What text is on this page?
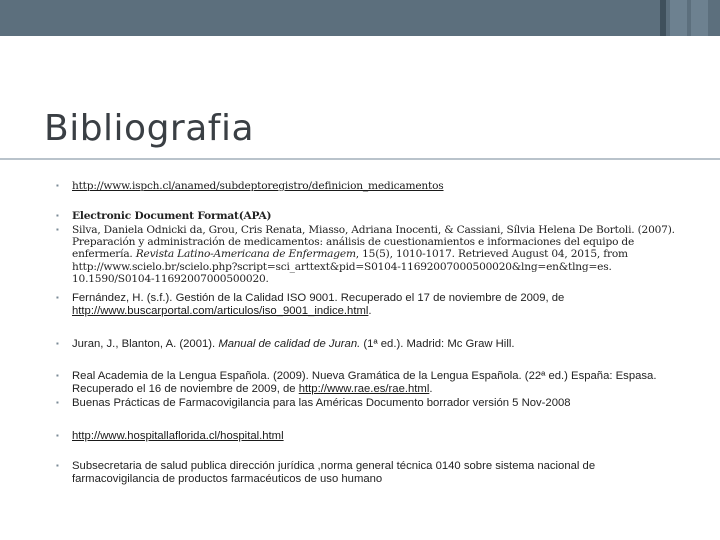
Bibliografia
▪	http://www.ispch.cl/anamed/subdeptoregistro/definicion_medicamentos
▪	Electronic Document Format(APA)
▪	Silva, Daniela Odnicki da, Grou, Cris Renata, Miasso, Adriana Inocenti, & Cassiani, Sílvia Helena De Bortoli. (2007). Preparación y administración de medicamentos: análisis de cuestionamientos e informaciones del equipo de enfermería. Revista Latino-Americana de Enfermagem, 15(5), 1010-1017. Retrieved August 04, 2015, from http://www.scielo.br/scielo.php?script=sci_arttext&pid=S0104-11692007000500020&lng=en&tlng=es. 10.1590/S0104-11692007000500020.
▪	Fernández, H. (s.f.). Gestión de la Calidad ISO 9001. Recuperado el 17 de noviembre de 2009, de http://www.buscarportal.com/articulos/iso_9001_indice.html.
▪	Juran, J., Blanton, A. (2001). Manual de calidad de Juran. (1ª ed.). Madrid: Mc Graw Hill.
▪	Real Academia de la Lengua Española. (2009). Nueva Gramática de la Lengua Española. (22ª ed.) España: Espasa. Recuperado el 16 de noviembre de 2009, de http://www.rae.es/rae.html.
▪	Buenas Prácticas de Farmacovigilancia para las Américas Documento borrador versión 5 Nov-2008
▪	http://www.hospitallaflorida.cl/hospital.html
▪	Subsecretaria de salud publica dirección jurídica ,norma general técnica 0140 sobre sistema nacional de farmacovigilancia de productos farmacéuticos de uso humano
